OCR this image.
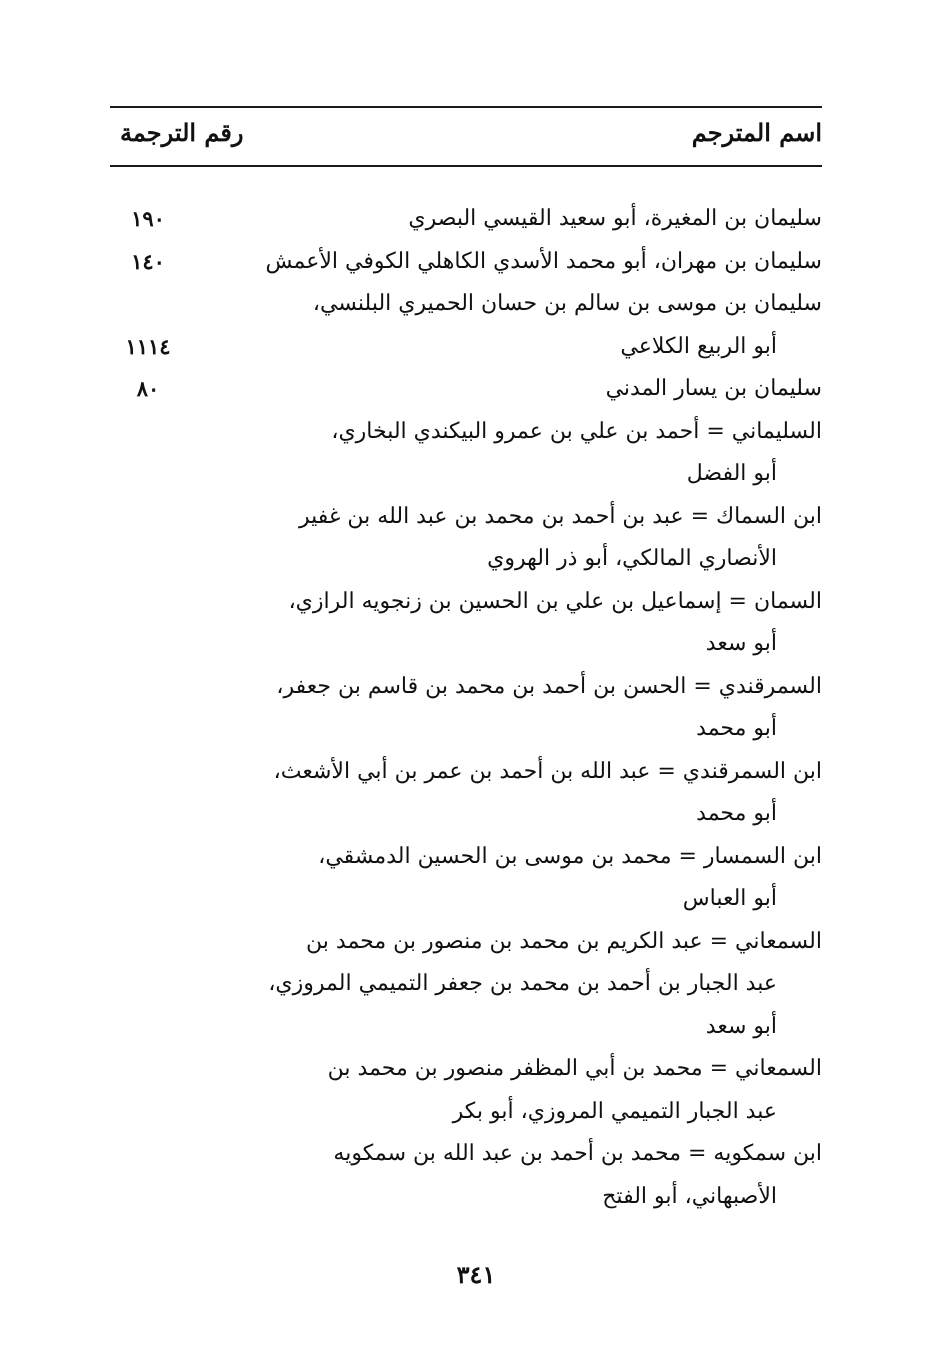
اسم المترجم
رقم الترجمة
سليمان بن المغيرة، أبو سعيد القيسي البصري
١٩٠
سليمان بن مهران، أبو محمد الأسدي الكاهلي الكوفي الأعمش
١٤٠
سليمان بن موسى بن سالم بن حسان الحميري البلنسي،
أبو الربيع الكلاعي
١١١٤
سليمان بن يسار المدني
٨٠
السليماني = أحمد بن علي بن عمرو البيكندي البخاري،
أبو الفضل
ابن السماك = عبد بن أحمد بن محمد بن عبد الله بن غفير
الأنصاري المالكي، أبو ذر الهروي
السمان = إسماعيل بن علي بن الحسين بن زنجويه الرازي،
أبو سعد
السمرقندي = الحسن بن أحمد بن محمد بن قاسم بن جعفر،
أبو محمد
ابن السمرقندي = عبد الله بن أحمد بن عمر بن أبي الأشعث،
أبو محمد
ابن السمسار = محمد بن موسى بن الحسين الدمشقي،
أبو العباس
السمعاني = عبد الكريم بن محمد بن منصور بن محمد بن
عبد الجبار بن أحمد بن محمد بن جعفر التميمي المروزي،
أبو سعد
السمعاني = محمد بن أبي المظفر منصور بن محمد بن
عبد الجبار التميمي المروزي، أبو بكر
ابن سمكويه = محمد بن أحمد بن عبد الله بن سمكويه
الأصبهاني، أبو الفتح
٣٤١
